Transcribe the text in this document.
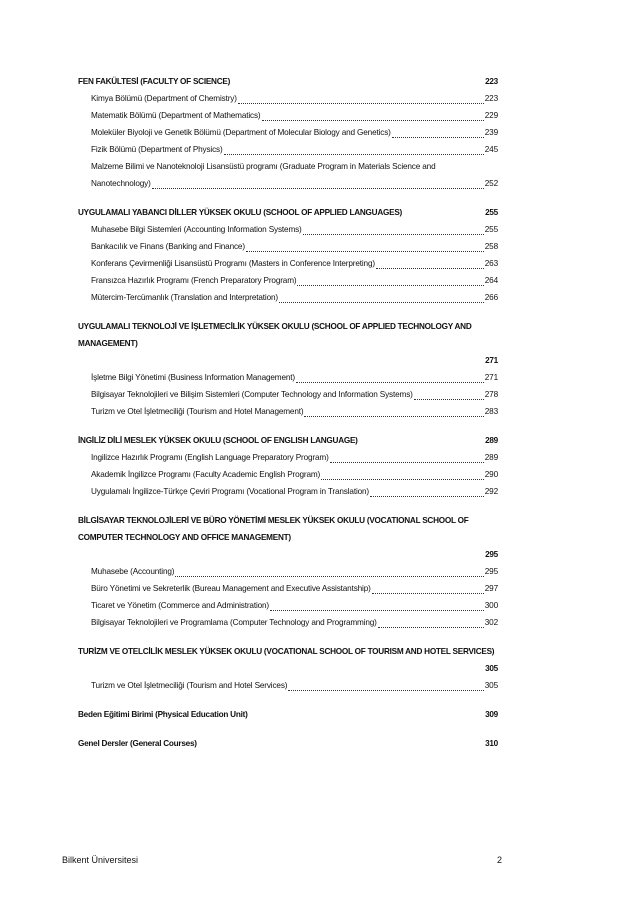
FEN FAKÜLTESİ (FACULTY OF SCIENCE)	223
Kimya Bölümü (Department of Chemistry)	223
Matematik Bölümü (Department of Mathematics)	229
Moleküler Biyoloji ve Genetik Bölümü (Department of Molecular Biology and Genetics)	239
Fizik Bölümü (Department of Physics)	245
Malzeme Bilimi ve Nanoteknoloji Lisansüstü programı (Graduate Program in Materials Science and
Nanotechnology)	252
UYGULAMALI YABANCI DİLLER YÜKSEK OKULU (SCHOOL OF APPLIED LANGUAGES)	255
Muhasebe Bilgi Sistemleri (Accounting Information Systems)	255
Bankacılık ve Finans (Banking and Finance)	258
Konferans Çevirmenliği Lisansüstü Programı (Masters in Conference Interpreting)	263
Fransızca Hazırlık Programı (French Preparatory Program)	264
Mütercim-Tercümanlık (Translation and Interpretation)	266
UYGULAMALI TEKNOLOJİ VE İŞLETMECİLİK YÜKSEK OKULU (SCHOOL OF APPLIED TECHNOLOGY AND MANAGEMENT)
271
İşletme Bilgi Yönetimi (Business Information Management)	271
Bilgisayar Teknolojileri ve Bilişim Sistemleri (Computer Technology and Information Systems)	278
Turizm ve Otel İşletmeciliği (Tourism and Hotel Management)	283
İNGİLİZ DİLİ MESLEK YÜKSEK OKULU (SCHOOL OF ENGLISH LANGUAGE)	289
Ingilizce Hazırlık Programı (English Language Preparatory Program)	289
Akademik İngilizce Programı (Faculty Academic English Program)	290
Uygulamalı İngilizce-Türkçe Çeviri Programı (Vocational Program in Translation)	292
BİLGİSAYAR TEKNOLOJİLERİ VE BÜRO YÖNETİMİ MESLEK YÜKSEK OKULU (VOCATIONAL SCHOOL OF COMPUTER TECHNOLOGY AND OFFICE MANAGEMENT)
295
Muhasebe (Accounting)	295
Büro Yönetimi ve Sekreterlik (Bureau Management and Executive Assistantship)	297
Ticaret ve Yönetim (Commerce and Administration)	300
Bilgisayar Teknolojileri ve Programlama (Computer Technology and Programming)	302
TURİZM VE OTELCİLİK MESLEK YÜKSEK OKULU (VOCATIONAL SCHOOL OF TOURISM AND HOTEL SERVICES)
305
Turizm ve Otel İşletmeciliği (Tourism and Hotel Services)	305
Beden Eğitimi Birimi (Physical Education Unit)	309
Genel Dersler (General Courses)	310
Bilkent Üniversitesi	2
